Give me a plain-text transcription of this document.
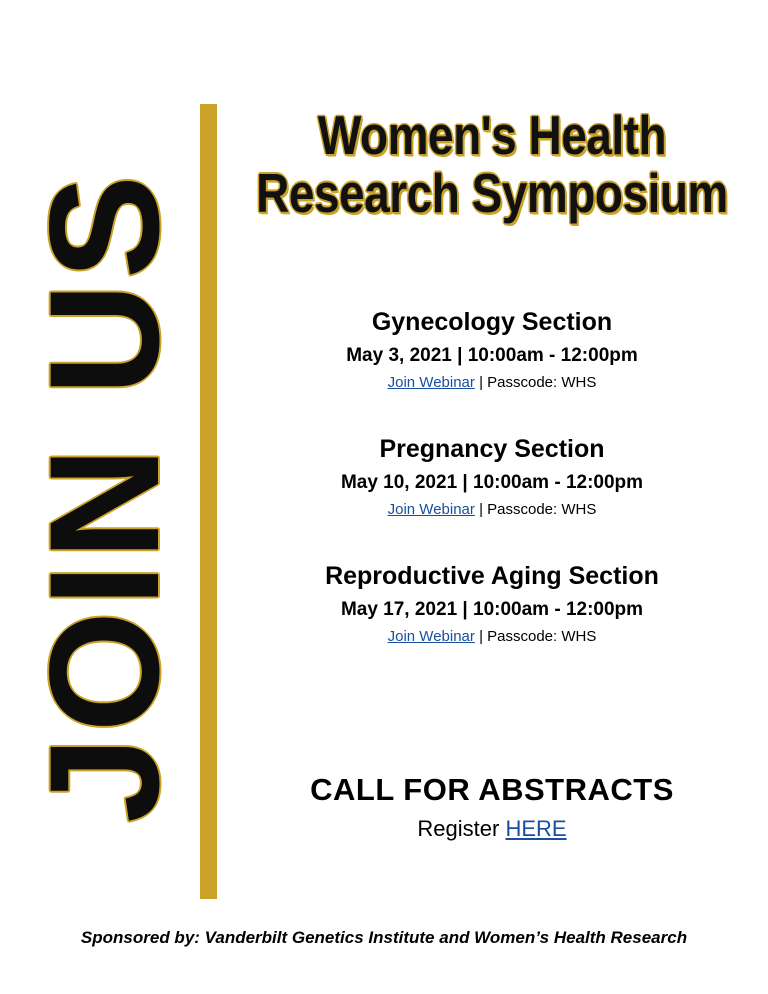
JOIN US
Women's Health
Research Symposium
Gynecology Section
May 3, 2021 | 10:00am - 12:00pm
Join Webinar | Passcode: WHS
Pregnancy Section
May 10, 2021 | 10:00am - 12:00pm
Join Webinar | Passcode: WHS
Reproductive Aging Section
May 17, 2021 | 10:00am - 12:00pm
Join Webinar | Passcode: WHS
CALL FOR ABSTRACTS
Register HERE
Sponsored by: Vanderbilt Genetics Institute and Women’s Health Research
